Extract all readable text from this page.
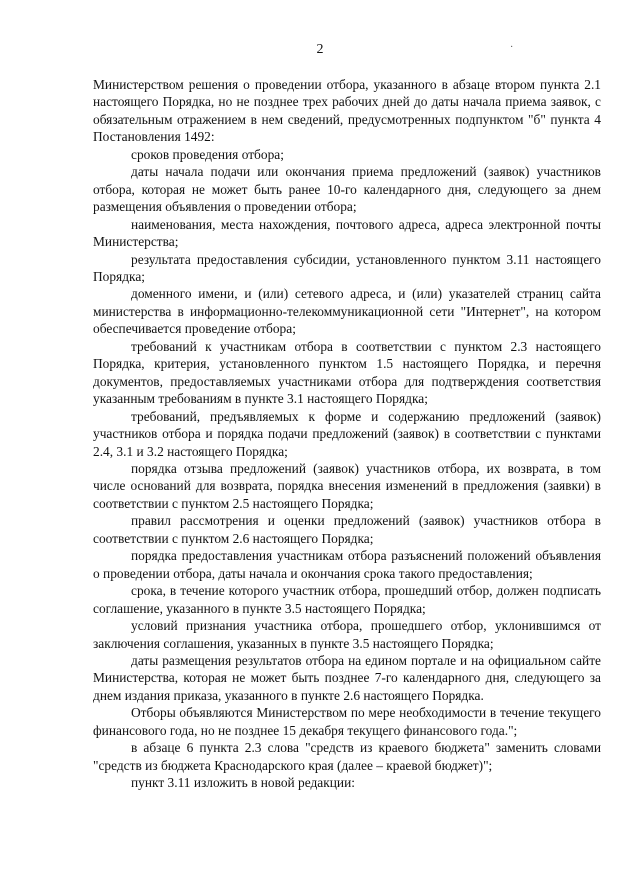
2	·

Министерством решения о проведении отбора, указанного в абзаце втором пункта 2.1 настоящего Порядка, но не позднее трех рабочих дней до даты начала приема заявок, с обязательным отражением в нем сведений, предусмотренных подпунктом "б" пункта 4 Постановления 1492:

сроков проведения отбора;

даты начала подачи или окончания приема предложений (заявок) участников отбора, которая не может быть ранее 10-го календарного дня, следующего за днем размещения объявления о проведении отбора;

наименования, места нахождения, почтового адреса, адреса электронной почты Министерства;

результата предоставления субсидии, установленного пунктом 3.11 настоящего Порядка;

доменного имени, и (или) сетевого адреса, и (или) указателей страниц сайта министерства в информационно-телекоммуникационной сети "Интернет", на котором обеспечивается проведение отбора;

требований к участникам отбора в соответствии с пунктом 2.3 настоящего Порядка, критерия, установленного пунктом 1.5 настоящего Порядка, и перечня документов, предоставляемых участниками отбора для подтверждения соответствия указанным требованиям в пункте 3.1 настоящего Порядка;

требований, предъявляемых к форме и содержанию предложений (заявок) участников отбора и порядка подачи предложений (заявок) в соответствии с пунктами 2.4, 3.1 и 3.2 настоящего Порядка;

порядка отзыва предложений (заявок) участников отбора, их возврата, в том числе оснований для возврата, порядка внесения изменений в предложения (заявки) в соответствии с пунктом 2.5 настоящего Порядка;

правил рассмотрения и оценки предложений (заявок) участников отбора в соответствии с пунктом 2.6 настоящего Порядка;

порядка предоставления участникам отбора разъяснений положений объявления о проведении отбора, даты начала и окончания срока такого предоставления;

срока, в течение которого участник отбора, прошедший отбор, должен подписать соглашение, указанного в пункте 3.5 настоящего Порядка;

условий признания участника отбора, прошедшего отбор, уклонившимся от заключения соглашения, указанных в пункте 3.5 настоящего Порядка;

даты размещения результатов отбора на едином портале и на официальном сайте Министерства, которая не может быть позднее 7-го календарного дня, следующего за днем издания приказа, указанного в пункте 2.6 настоящего Порядка.

Отборы объявляются Министерством по мере необходимости в течение текущего финансового года, но не позднее 15 декабря текущего финансового года.";

в абзаце 6 пункта 2.3 слова "средств из краевого бюджета" заменить словами "средств из бюджета Краснодарского края (далее – краевой бюджет)";

пункт 3.11 изложить в новой редакции:
